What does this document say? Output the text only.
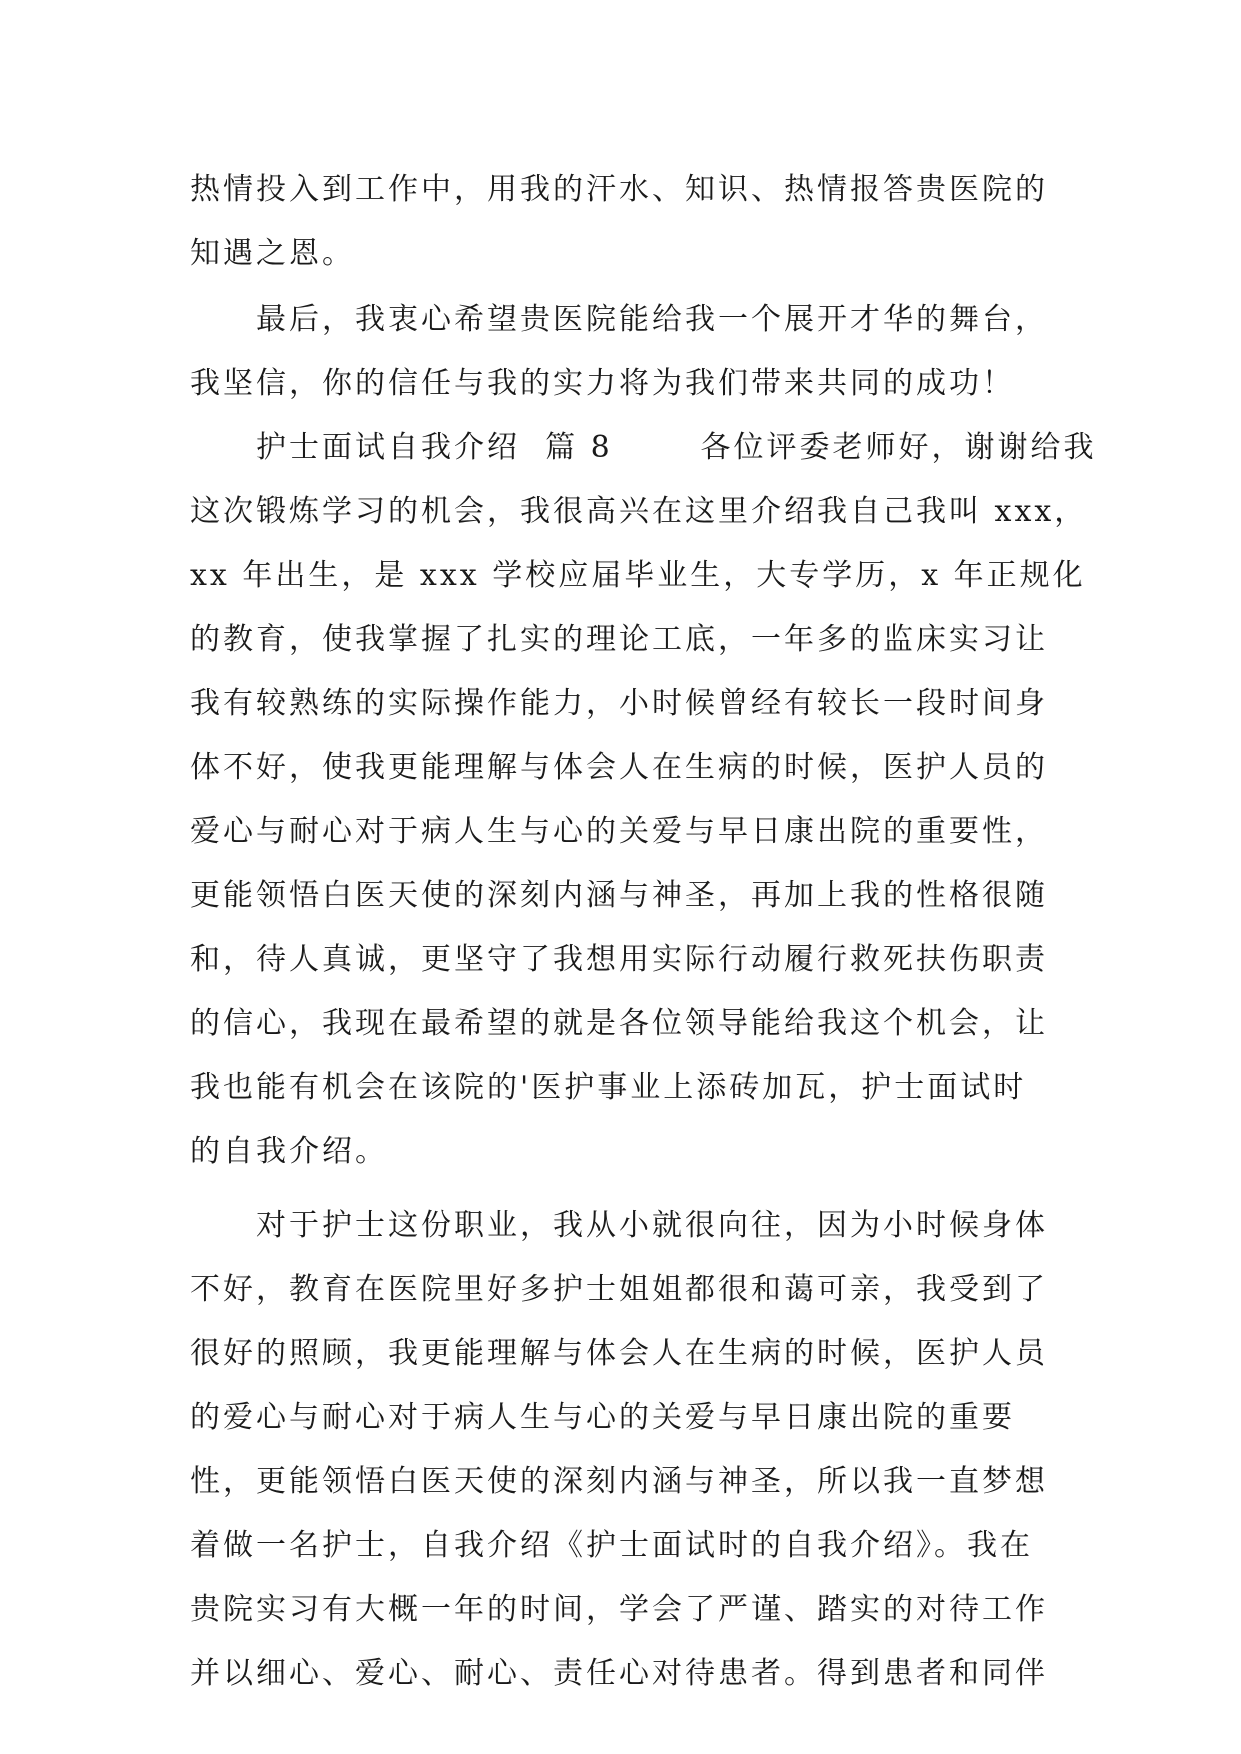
热情投入到工作中，用我的汗水、知识、热情报答贵医院的
知遇之恩。
最后，我衷心希望贵医院能给我一个展开才华的舞台，
我坚信，你的信任与我的实力将为我们带来共同的成功！
护士面试自我介绍  篇 8       各位评委老师好，谢谢给我
这次锻炼学习的机会，我很高兴在这里介绍我自己我叫 xxx，
xx 年出生，是 xxx 学校应届毕业生，大专学历，x 年正规化
的教育，使我掌握了扎实的理论工底，一年多的监床实习让
我有较熟练的实际操作能力，小时候曾经有较长一段时间身
体不好，使我更能理解与体会人在生病的时候，医护人员的
爱心与耐心对于病人生与心的关爱与早日康出院的重要性，
更能领悟白医天使的深刻内涵与神圣，再加上我的性格很随
和，待人真诚，更坚守了我想用实际行动履行救死扶伤职责
的信心，我现在最希望的就是各位领导能给我这个机会，让
我也能有机会在该院的'医护事业上添砖加瓦，护士面试时
的自我介绍。
对于护士这份职业，我从小就很向往，因为小时候身体
不好，教育在医院里好多护士姐姐都很和蔼可亲，我受到了
很好的照顾，我更能理解与体会人在生病的时候，医护人员
的爱心与耐心对于病人生与心的关爱与早日康出院的重要
性，更能领悟白医天使的深刻内涵与神圣，所以我一直梦想
着做一名护士，自我介绍《护士面试时的自我介绍》。我在
贵院实习有大概一年的时间，学会了严谨、踏实的对待工作
并以细心、爱心、耐心、责任心对待患者。得到患者和同伴
